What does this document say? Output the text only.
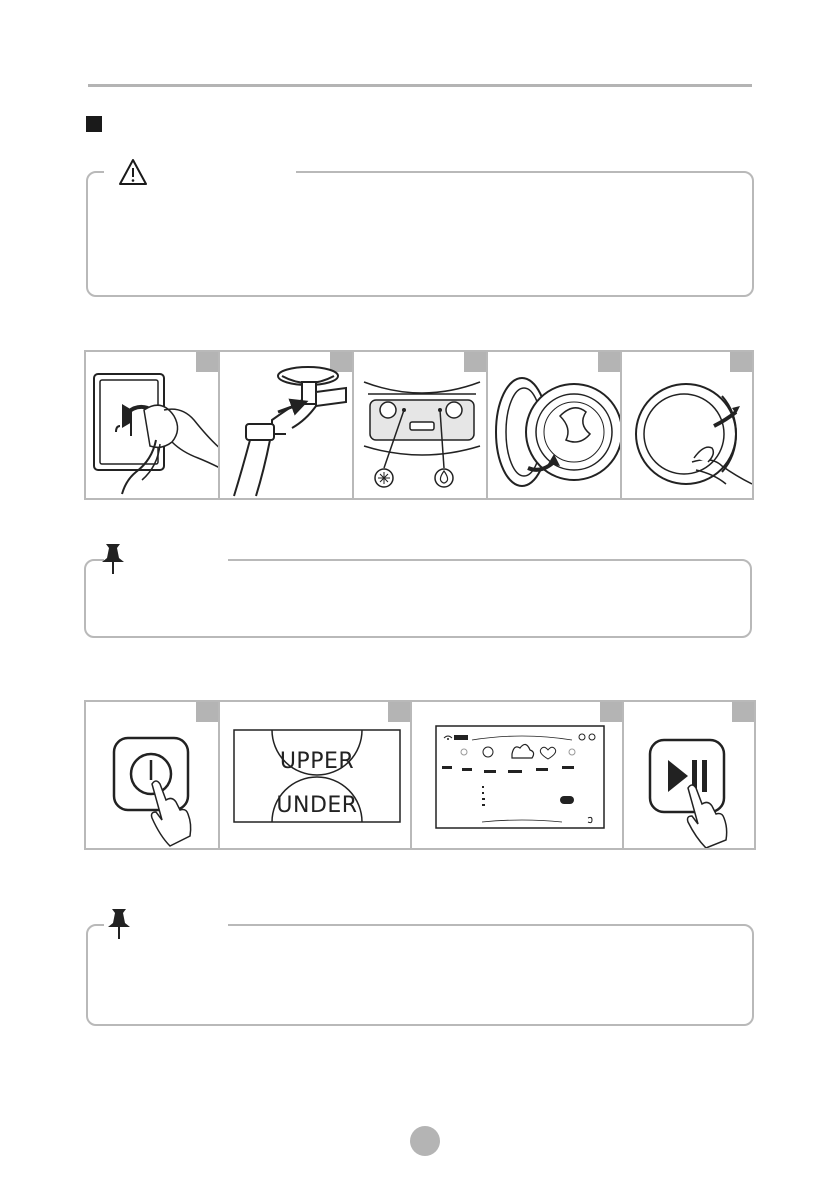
UPPER
UNDER
